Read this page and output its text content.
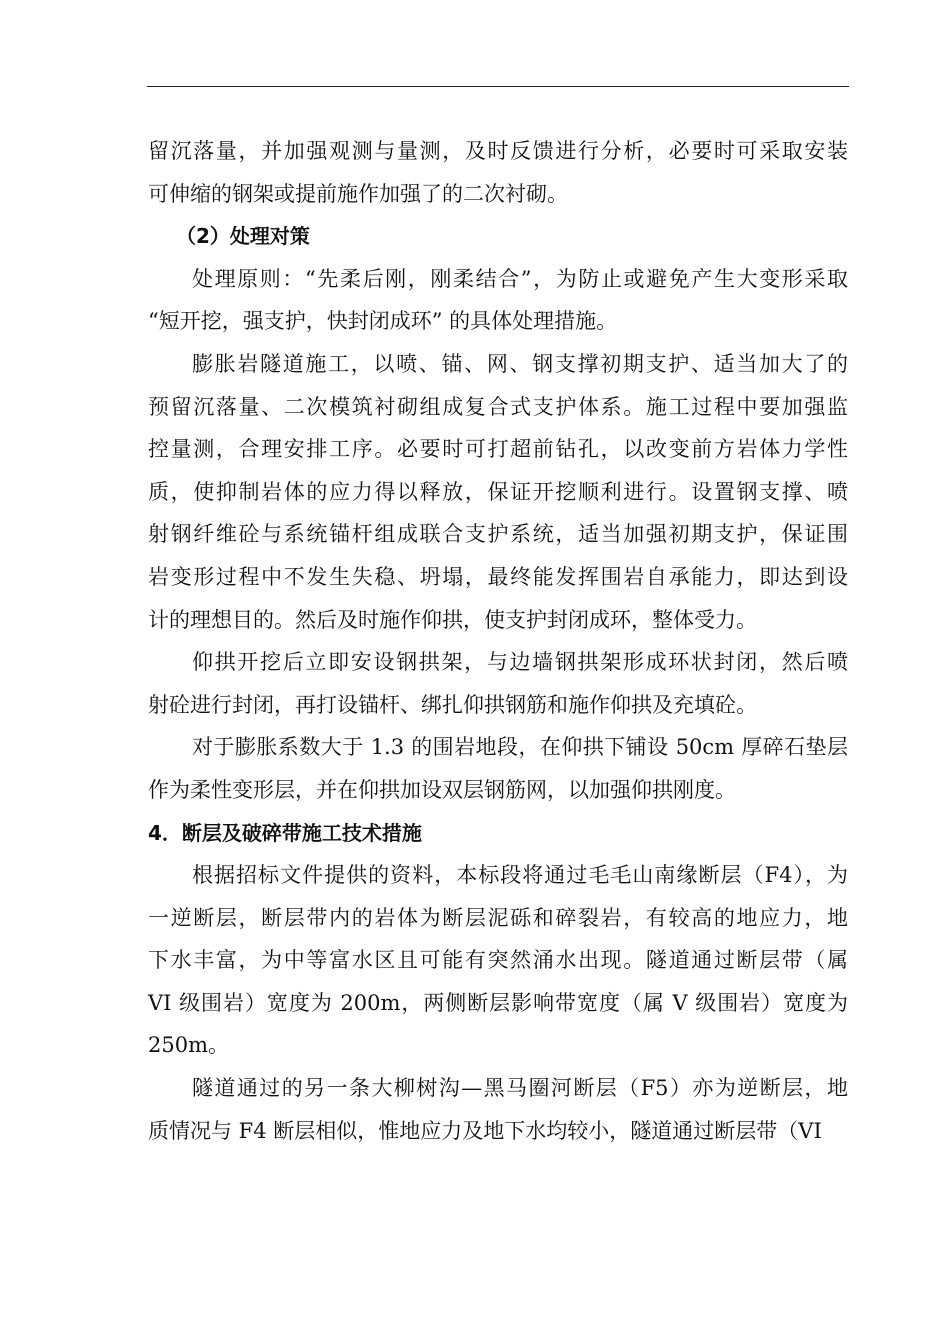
留沉落量，并加强观测与量测，及时反馈进行分析，必要时可采取安装
可伸缩的钢架或提前施作加强了的二次衬砌。

（2）处理对策

处理原则：“先柔后刚，刚柔结合”，为防止或避免产生大变形采取
“短开挖，强支护，快封闭成环” 的具体处理措施。

膨胀岩隧道施工，以喷、锚、网、钢支撑初期支护、适当加大了的
预留沉落量、二次模筑衬砌组成复合式支护体系。施工过程中要加强监
控量测，合理安排工序。必要时可打超前钻孔，以改变前方岩体力学性
质，使抑制岩体的应力得以释放，保证开挖顺利进行。设置钢支撑、喷
射钢纤维砼与系统锚杆组成联合支护系统，适当加强初期支护，保证围
岩变形过程中不发生失稳、坍塌，最终能发挥围岩自承能力，即达到设
计的理想目的。然后及时施作仰拱，使支护封闭成环，整体受力。

仰拱开挖后立即安设钢拱架，与边墙钢拱架形成环状封闭，然后喷
射砼进行封闭，再打设锚杆、绑扎仰拱钢筋和施作仰拱及充填砼。

对于膨胀系数大于 1.3 的围岩地段，在仰拱下铺设 50cm 厚碎石垫层
作为柔性变形层，并在仰拱加设双层钢筋网，以加强仰拱刚度。

4．断层及破碎带施工技术措施

根据招标文件提供的资料，本标段将通过毛毛山南缘断层（F4），为
一逆断层，断层带内的岩体为断层泥砾和碎裂岩，有较高的地应力，地
下水丰富，为中等富水区且可能有突然涌水出现。隧道通过断层带（属
VI 级围岩）宽度为 200m，两侧断层影响带宽度（属 V 级围岩）宽度为
250m。

隧道通过的另一条大柳树沟—黑马圈河断层（F5）亦为逆断层，地
质情况与 F4 断层相似，惟地应力及地下水均较小，隧道通过断层带（VI
